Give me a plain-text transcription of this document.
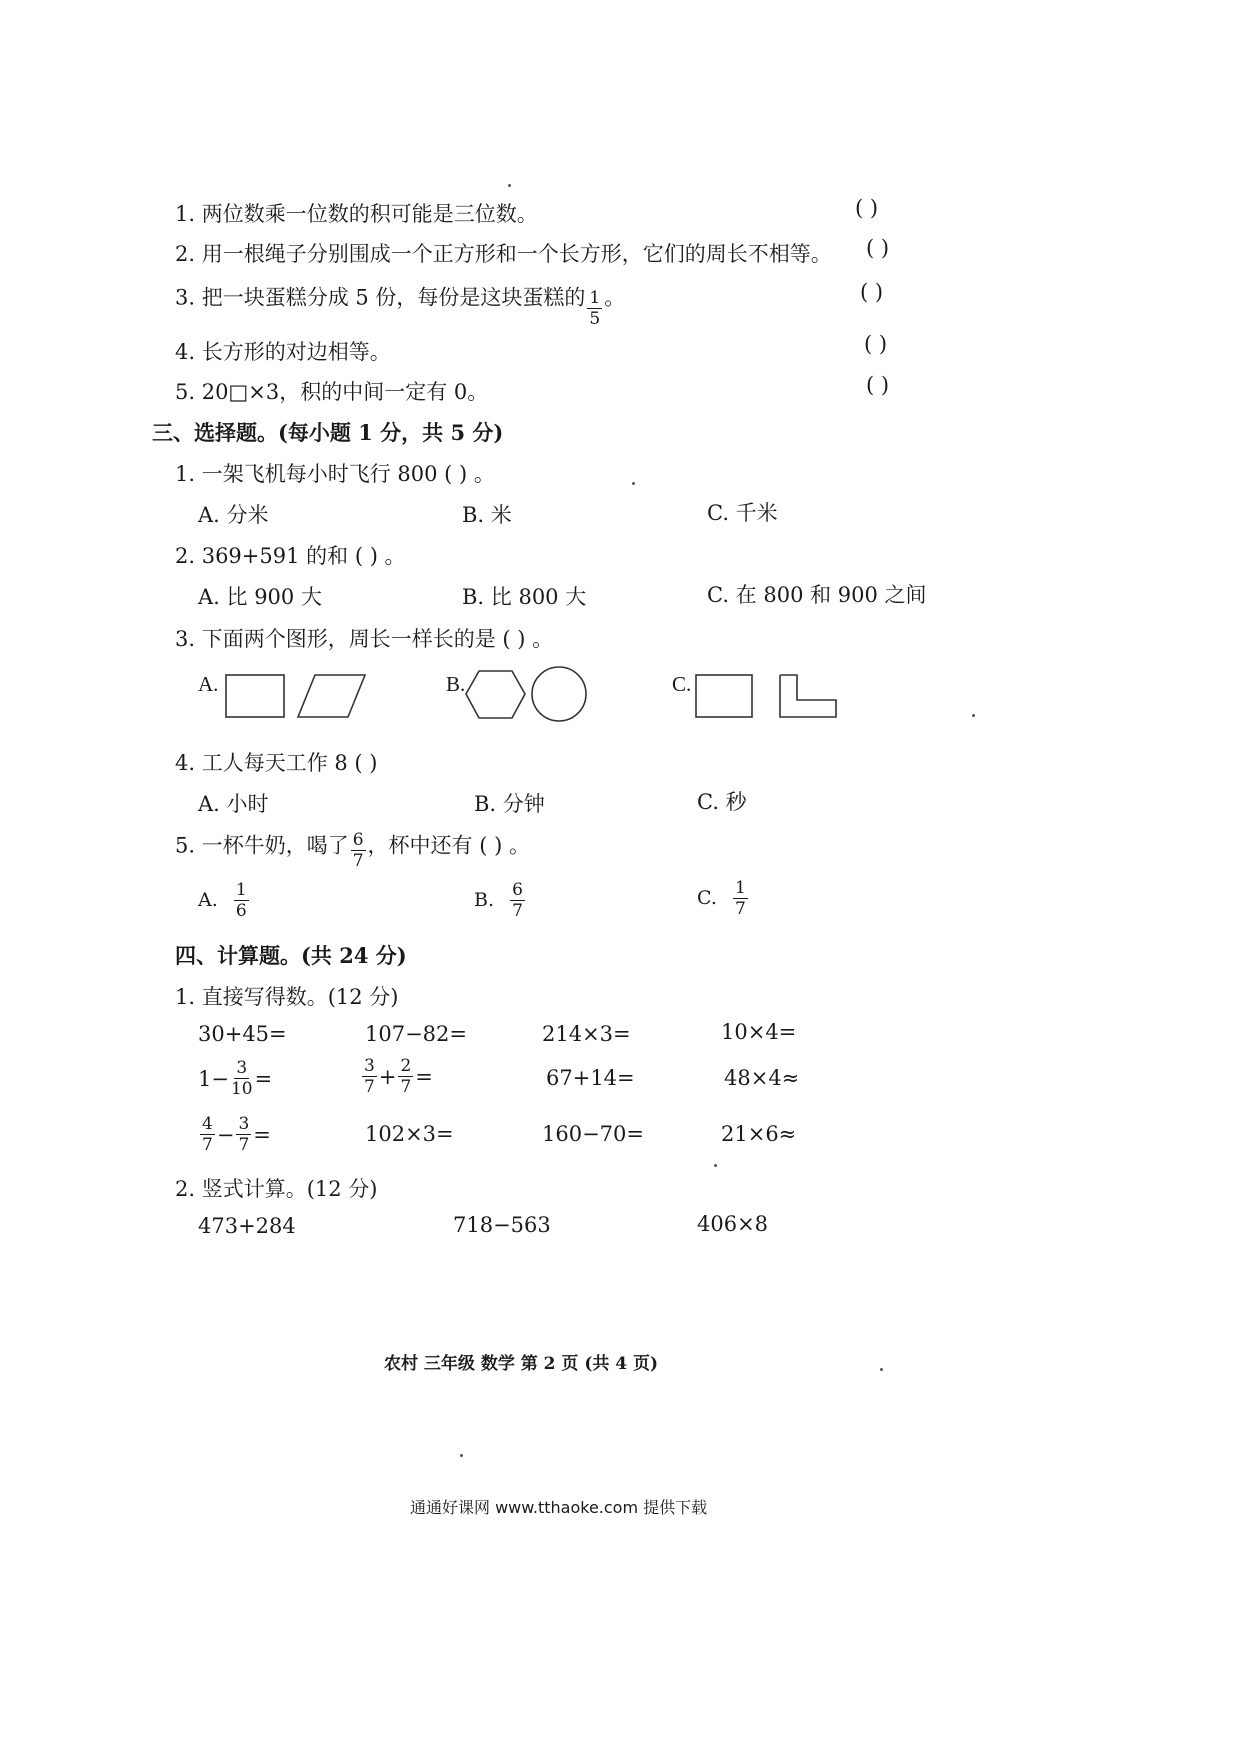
1. 两位数乘一位数的积可能是三位数。	( )
2. 用一根绳子分别围成一个正方形和一个长方形，它们的周长不相等。 ( )
3. 把一块蛋糕分成 5 份，每份是这块蛋糕的 $\frac{1}{5}$ 。	( )
4. 长方形的对边相等。	( )
5. 20□×3，积的中间一定有 0。	( )
三、选择题。(每小题 1 分，共 5 分)
1. 一架飞机每小时飞行 800 ( ) 。
A. 分米	B. 米	C. 千米
2. 369+591 的和 ( ) 。
A. 比 900 大	B. 比 800 大	C. 在 800 和 900 之间
3. 下面两个图形，周长一样长的是 ( ) 。
A.	B.	C.
4. 工人每天工作 8 ( )
A. 小时	B. 分钟	C. 秒
5. 一杯牛奶，喝了 $\frac{6}{7}$ ，杯中还有 ( ) 。
A. $\frac{1}{6}$	B. $\frac{6}{7}$	C. $\frac{1}{7}$
四、计算题。(共 24 分)
1. 直接写得数。(12 分)
30+45=	107−82=	214×3=	10×4=
$1- \frac{3}{10}$ =	$\frac{3}{7} + \frac{2}{7}$ =	67+14=	48×4≈
$\frac{4}{7} - \frac{3}{7}$ =	102×3=	160−70=	21×6≈
2. 竖式计算。(12 分)
473+284	718−563	406×8
农村 三年级 数学 第 2 页 (共 4 页)
通通好课网 www.tthaoke.com 提供下载
